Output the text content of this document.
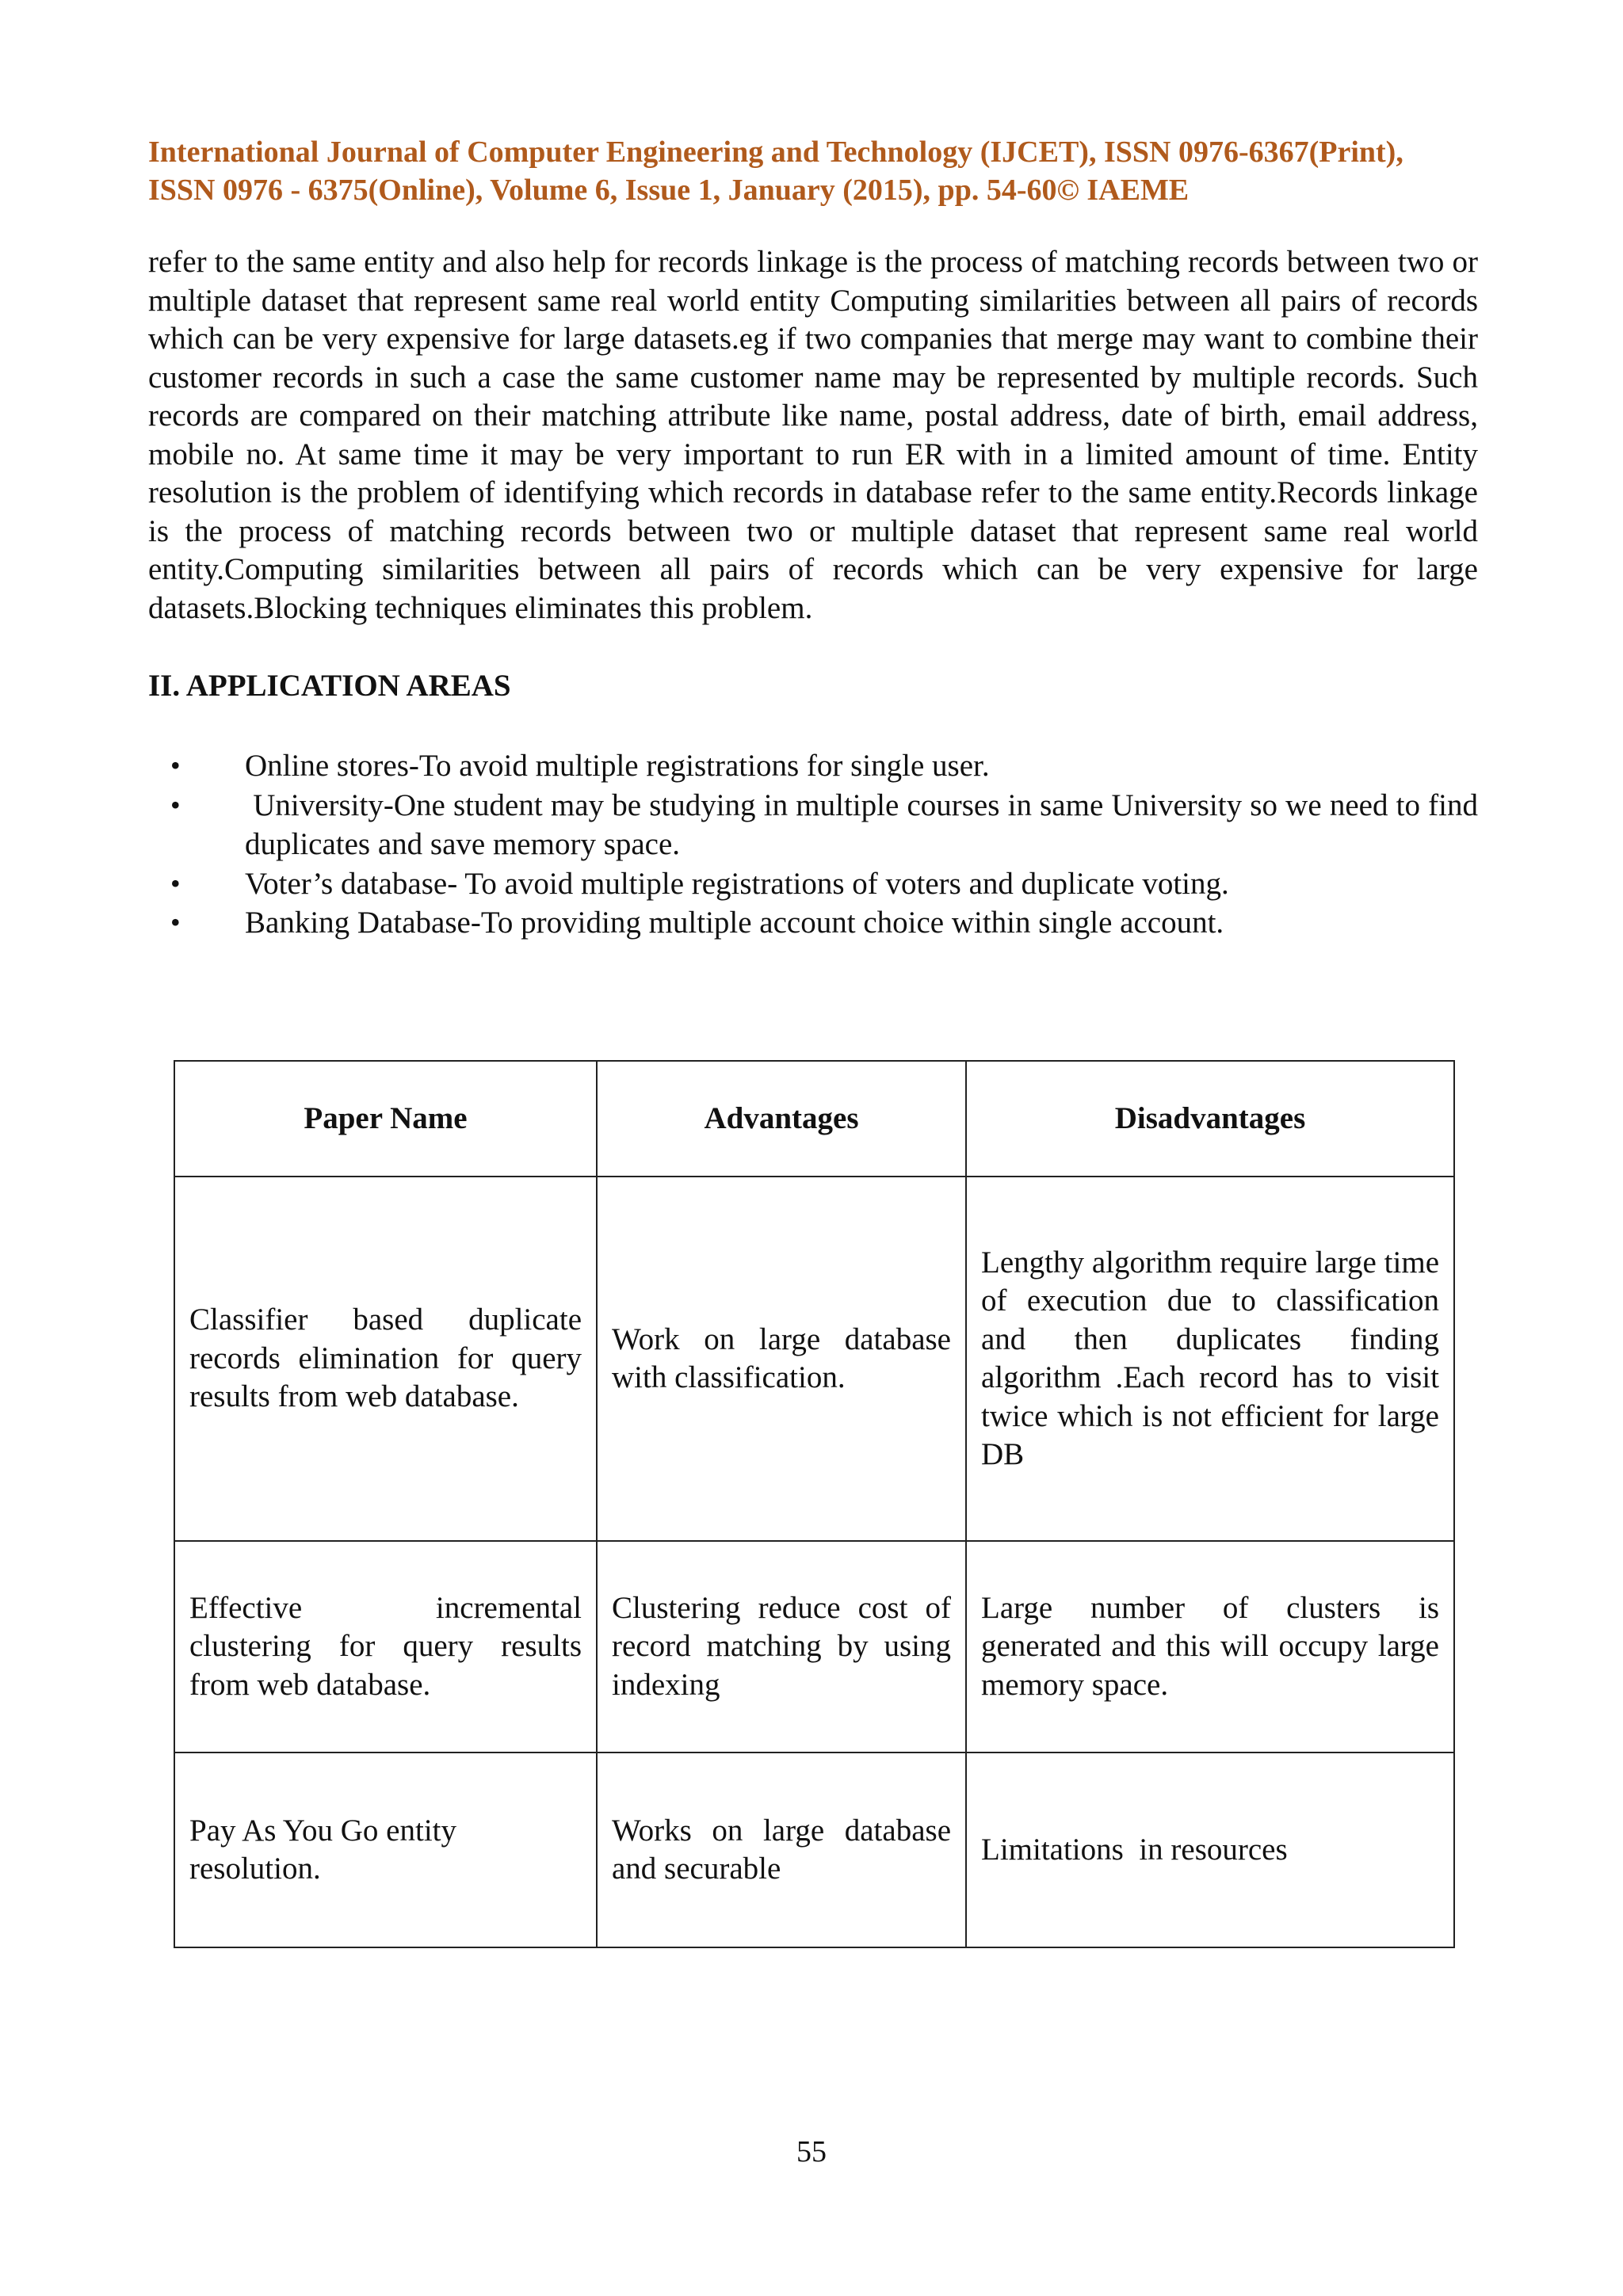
International Journal of Computer Engineering and Technology (IJCET), ISSN 0976-6367(Print),
ISSN 0976 - 6375(Online), Volume 6, Issue 1, January (2015), pp. 54-60© IAEME

refer to the same entity and also help for records linkage is the process of matching records between two or multiple dataset that represent same real world entity Computing similarities between all pairs of records which can be very expensive for large datasets.eg if two companies that merge may want to combine their customer records in such a case the same customer name may be represented by multiple records. Such records are compared on their matching attribute like name, postal address, date of birth, email address, mobile no. At same time it may be very important to run ER with in a limited amount of time. Entity resolution is the problem of identifying which records in database refer to the same entity.Records linkage is the process of matching records between two or multiple dataset that represent same real world entity.Computing similarities between all pairs of records which can be very expensive for large datasets.Blocking techniques eliminates this problem.

II. APPLICATION AREAS
• Online stores-To avoid multiple registrations for single user.
• University-One student may be studying in multiple courses in same University so we need to find duplicates and save memory space.
• Voter’s database- To avoid multiple registrations of voters and duplicate voting.
• Banking Database-To providing multiple account choice within single account.
Paper Name	Advantages	Disadvantages
Classifier based duplicate records elimination for query results from web database.	Work on large database with classification.	Lengthy algorithm require large time of execution due to classification and then duplicates finding algorithm .Each record has to visit twice which is not efficient for large DB
Effective incremental clustering for query results from web database.	Clustering reduce cost of record matching by using indexing	Large number of clusters is generated and this will occupy large memory space.
Pay As You Go entity resolution.	Works on large database and securable	Limitations  in resources
55
